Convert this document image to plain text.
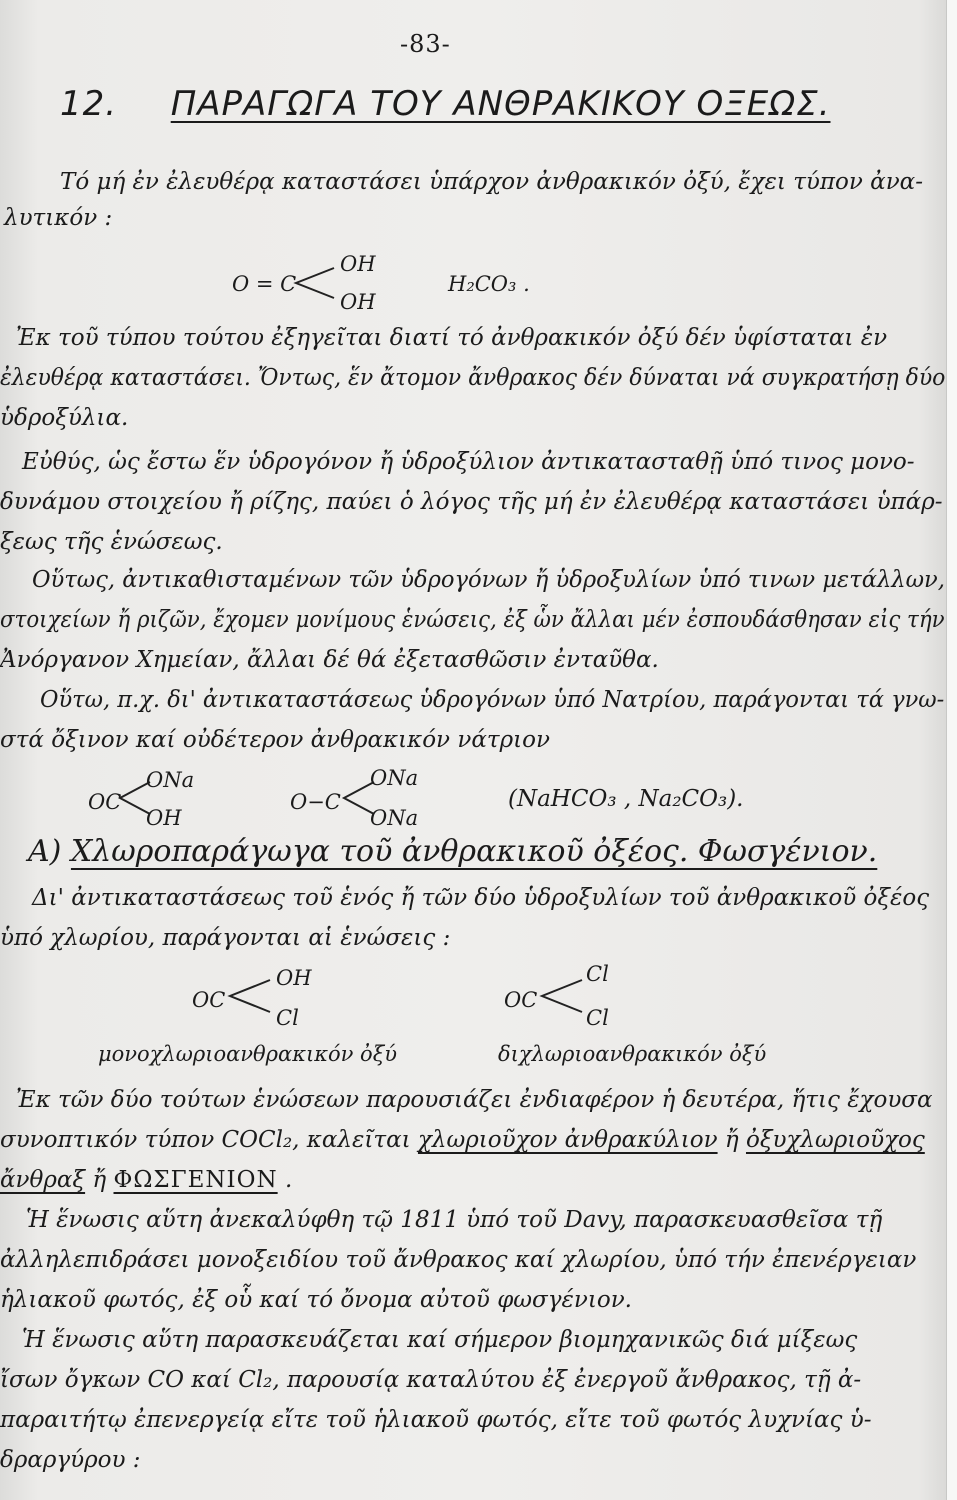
-83-
12. ΠΑΡΑΓΩΓΑ ΤΟΥ ΑΝΘΡΑΚΙΚΟΥ ΟΞΕΩΣ.
Τό μή ἐν ἐλευθέρᾳ καταστάσει ὑπάρχον ἀνθρακικόν ὀξύ, ἔχει τύπον ἀνα-
λυτικόν :
O = C
OH
OH
H₂CO₃ .
Ἐκ τοῦ τύπου τούτου ἐξηγεῖται διατί τό ἀνθρακικόν ὀξύ δέν ὑφίσταται ἐν
ἐλευθέρᾳ καταστάσει. Ὄντως, ἕν ἄτομον ἄνθρακος δέν δύναται νά συγκρατήσῃ δύο
ὑδροξύλια.
Εὐθύς, ὡς ἔστω ἕν ὑδρογόνον ἤ ὑδροξύλιον ἀντικατασταθῇ ὑπό τινος μονο-
δυνάμου στοιχείου ἤ ρίζης, παύει ὁ λόγος τῆς μή ἐν ἐλευθέρᾳ καταστάσει ὑπάρ-
ξεως τῆς ἑνώσεως.
Οὕτως, ἀντικαθισταμένων τῶν ὑδρογόνων ἤ ὑδροξυλίων ὑπό τινων μετάλλων,
στοιχείων ἤ ριζῶν, ἔχομεν μονίμους ἑνώσεις, ἐξ ὧν ἄλλαι μέν ἐσπουδάσθησαν εἰς τήν
Ἀνόργανον Χημείαν, ἄλλαι δέ θά ἐξετασθῶσιν ἐνταῦθα.
Οὕτω, π.χ. δι' ἀντικαταστάσεως ὑδρογόνων ὑπό Νατρίου, παράγονται τά γνω-
στά ὄξινον καί οὐδέτερον ἀνθρακικόν νάτριον
OC
ONa
OH
O−C
ONa
ONa
(NaHCO₃ , Na₂CO₃).
A) Χλωροπαράγωγα τοῦ ἀνθρακικοῦ ὀξέος. Φωσγένιον.
Δι' ἀντικαταστάσεως τοῦ ἑνός ἤ τῶν δύο ὑδροξυλίων τοῦ ἀνθρακικοῦ ὀξέος
ὑπό χλωρίου, παράγονται αἱ ἑνώσεις :
OC
OH
Cl
μονοχλωριοανθρακικόν ὀξύ
OC
Cl
Cl
διχλωριοανθρακικόν ὀξύ
Ἐκ τῶν δύο τούτων ἑνώσεων παρουσιάζει ἐνδιαφέρον ἡ δευτέρα, ἥτις ἔχουσα
συνοπτικόν τύπον COCl₂, καλεῖται χλωριοῦχον ἀνθρακύλιον ἤ ὀξυχλωριοῦχος
ἄνθραξ ἤ ΦΩΣΓΕΝΙΟΝ .
Ἡ ἕνωσις αὕτη ἀνεκαλύφθη τῷ 1811 ὑπό τοῦ Davy, παρασκευασθεῖσα τῇ
ἀλληλεπιδράσει μονοξειδίου τοῦ ἄνθρακος καί χλωρίου, ὑπό τήν ἐπενέργειαν
ἡλιακοῦ φωτός, ἐξ οὗ καί τό ὄνομα αὐτοῦ φωσγένιον.
Ἡ ἕνωσις αὕτη παρασκευάζεται καί σήμερον βιομηχανικῶς διά μίξεως
ἴσων ὄγκων CO καί Cl₂, παρουσίᾳ καταλύτου ἐξ ἐνεργοῦ ἄνθρακος, τῇ ἀ-
παραιτήτῳ ἐπενεργείᾳ εἴτε τοῦ ἡλιακοῦ φωτός, εἴτε τοῦ φωτός λυχνίας ὑ-
δραργύρου :
